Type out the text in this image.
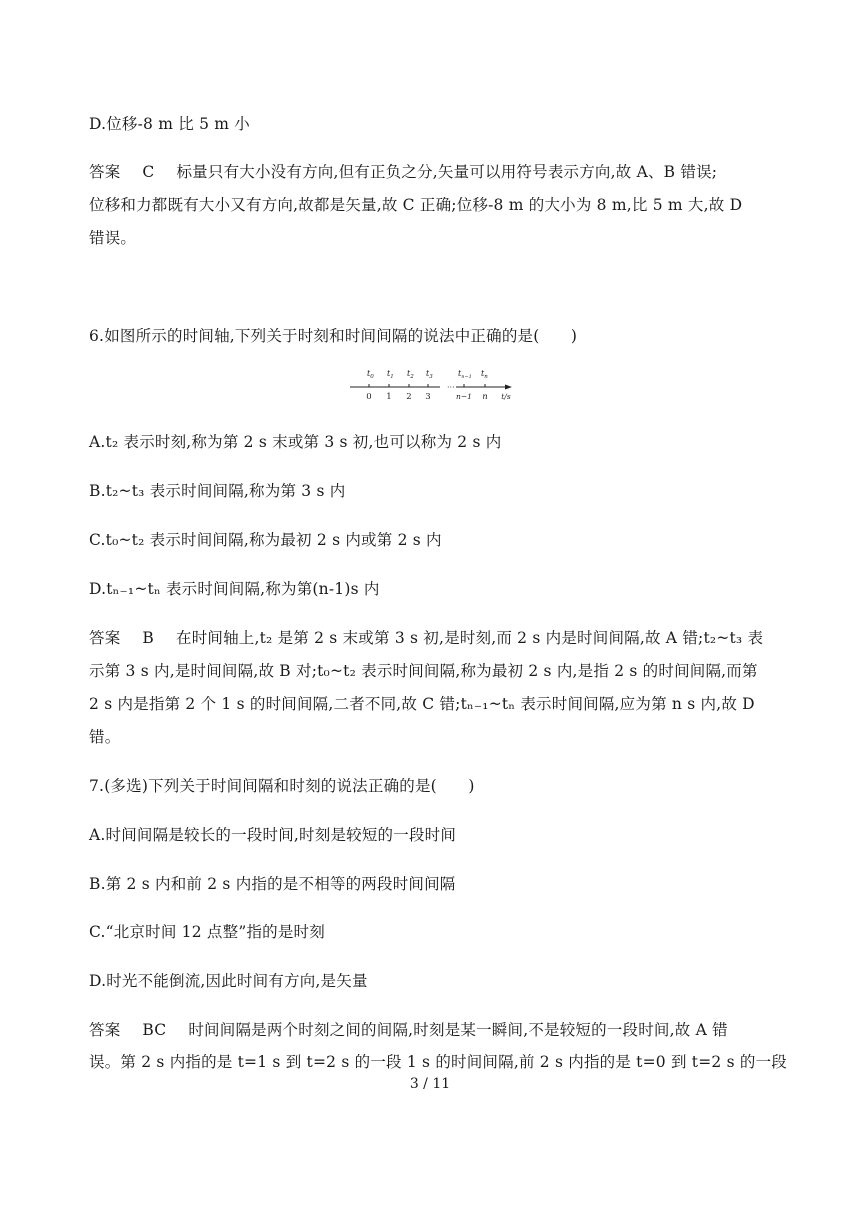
D.位移-8 m 比 5 m 小
答案 C 标量只有大小没有方向,但有正负之分,矢量可以用符号表示方向,故 A、B 错误;
位移和力都既有大小又有方向,故都是矢量,故 C 正确;位移-8 m 的大小为 8 m,比 5 m 大,故 D
错误。
6.如图所示的时间轴,下列关于时刻和时间间隔的说法中正确的是(　　)
$t_0$ $t_1$ $t_2$ $t_3$	$t_{n-1}$ $t_n$
···
0 1 2 3	n−1 n t/s
A.t₂ 表示时刻,称为第 2 s 末或第 3 s 初,也可以称为 2 s 内
B.t₂~t₃ 表示时间间隔,称为第 3 s 内
C.t₀~t₂ 表示时间间隔,称为最初 2 s 内或第 2 s 内
D.tₙ₋₁~tₙ 表示时间间隔,称为第(n-1)s 内
答案 B 在时间轴上,t₂ 是第 2 s 末或第 3 s 初,是时刻,而 2 s 内是时间间隔,故 A 错;t₂~t₃ 表
示第 3 s 内,是时间间隔,故 B 对;t₀~t₂ 表示时间间隔,称为最初 2 s 内,是指 2 s 的时间间隔,而第
2 s 内是指第 2 个 1 s 的时间间隔,二者不同,故 C 错;tₙ₋₁~tₙ 表示时间间隔,应为第 n s 内,故 D
错。
7.(多选)下列关于时间间隔和时刻的说法正确的是(　　)
A.时间间隔是较长的一段时间,时刻是较短的一段时间
B.第 2 s 内和前 2 s 内指的是不相等的两段时间间隔
C.“北京时间 12 点整”指的是时刻
D.时光不能倒流,因此时间有方向,是矢量
答案 BC 时间间隔是两个时刻之间的间隔,时刻是某一瞬间,不是较短的一段时间,故 A 错
误。第 2 s 内指的是 t=1 s 到 t=2 s 的一段 1 s 的时间间隔,前 2 s 内指的是 t=0 到 t=2 s 的一段
3 / 11
